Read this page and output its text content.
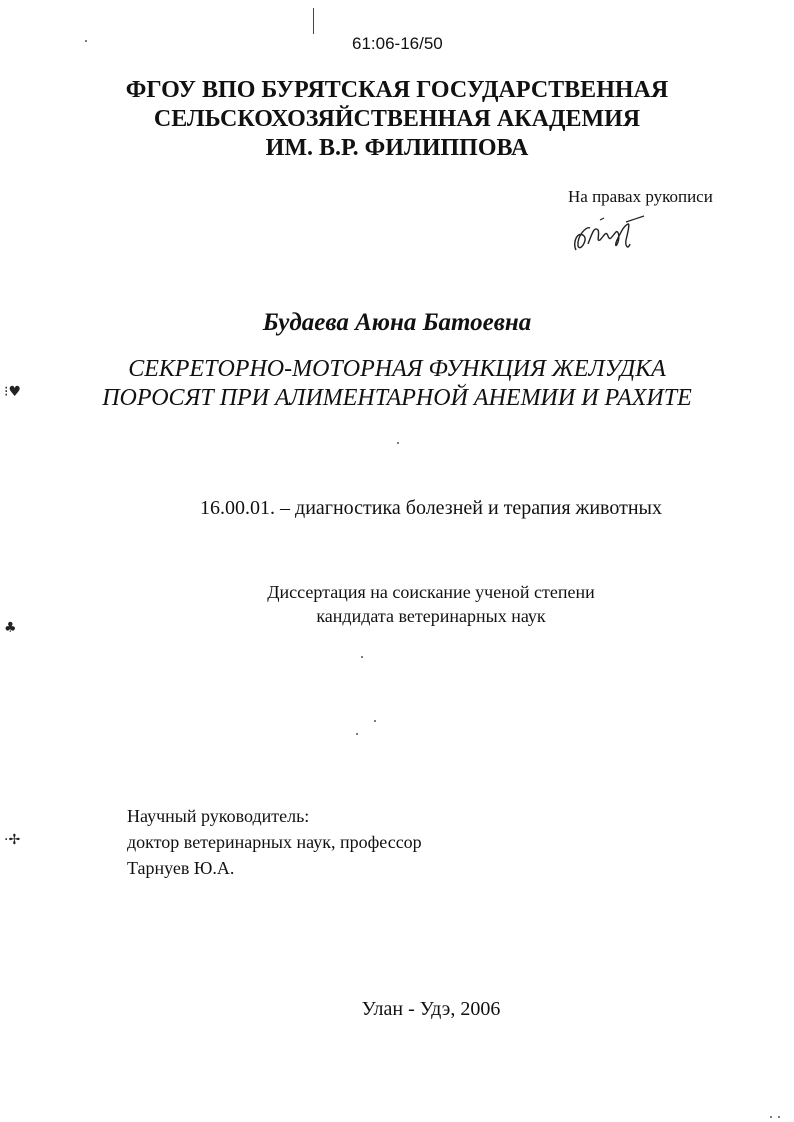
61:06-16/50
ФГОУ ВПО БУРЯТСКАЯ ГОСУДАРСТВЕННАЯ
СЕЛЬСКОХОЗЯЙСТВЕННАЯ АКАДЕМИЯ
ИМ. В.Р. ФИЛИППОВА
На правах рукописи
Будаева Аюна Батоевна
СЕКРЕТОРНО-МОТОРНАЯ ФУНКЦИЯ ЖЕЛУДКА
ПОРОСЯТ ПРИ АЛИМЕНТАРНОЙ АНЕМИИ И РАХИТЕ
16.00.01. – диагностика болезней и терапия животных
Диссертация на соискание ученой степени
кандидата ветеринарных наук
Научный руководитель:
доктор ветеринарных наук, профессор
Тарнуев Ю.А.
Улан - Удэ, 2006
⁝♥
♣
·✢
